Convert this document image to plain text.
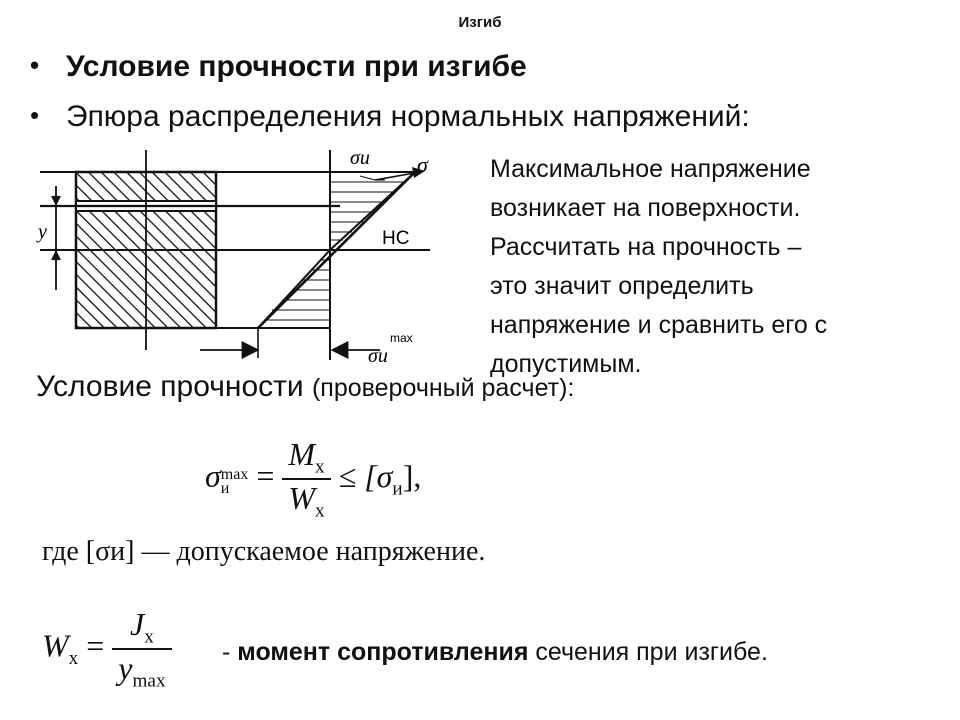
Изгиб
• Условие прочности при изгибе
• Эпюра распределения нормальных напряжений:
y
σи σ
–
НС
σи
max
Максимальное напряжение
возникает на поверхности.
Рассчитать на прочность –
это значит определить
напряжение и сравнить его с
допустимым.
Условие прочности (проверочный расчет):
σ max
$и = \frac{M_x}{W_x} \le [\sigma_и]$,
где [σи] — допускаемое напряжение.
$W_x = \frac{J_x}{y_{max}}$ - момент сопротивления сечения при изгибе.
